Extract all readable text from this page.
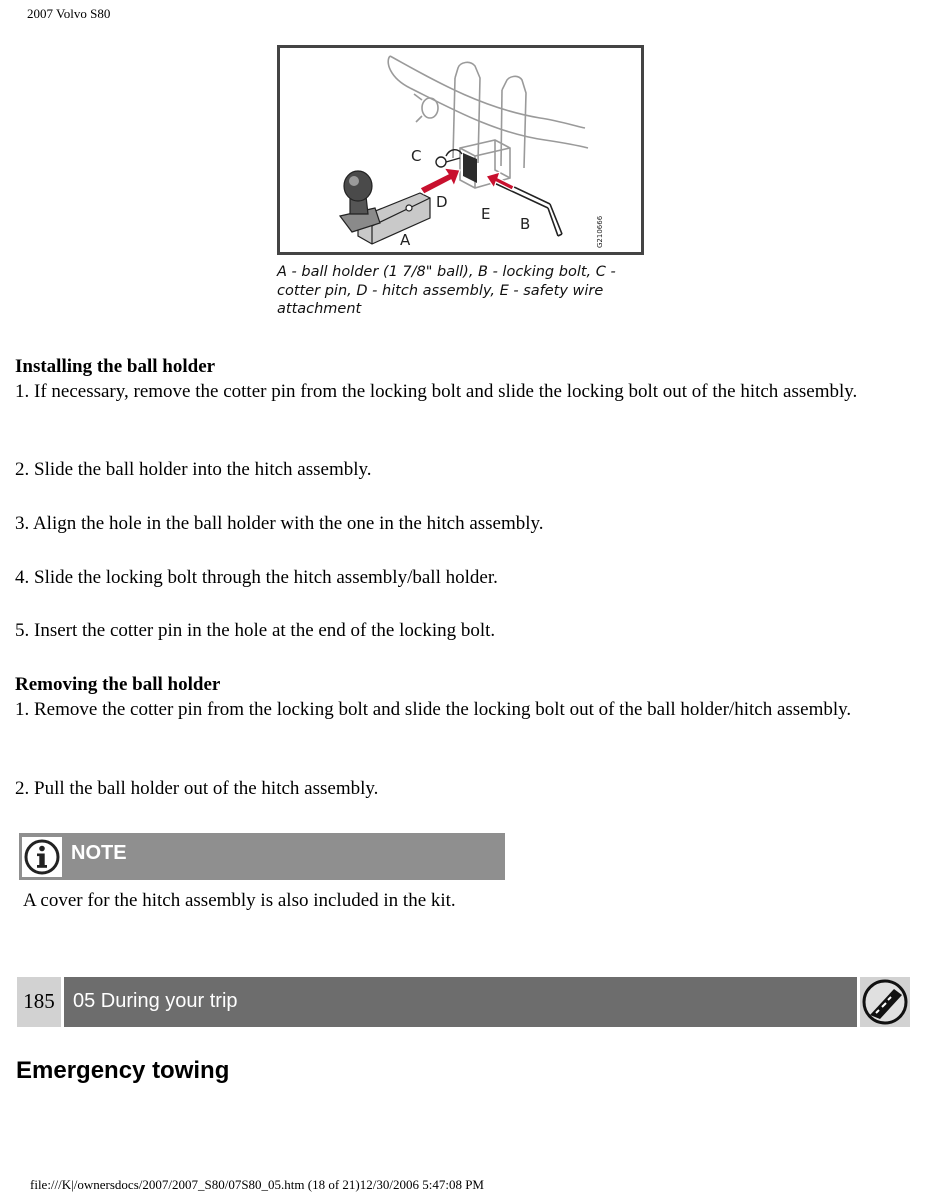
2007 Volvo S80
C
D
E
B
A	G210666
A - ball holder (1 7/8" ball), B - locking bolt, C - cotter pin, D - hitch assembly, E - safety wire attachment
Installing the ball holder
1. If necessary, remove the cotter pin from the locking bolt and slide the locking bolt out of the hitch assembly.
2. Slide the ball holder into the hitch assembly.
3. Align the hole in the ball holder with the one in the hitch assembly.
4. Slide the locking bolt through the hitch assembly/ball holder.
5. Insert the cotter pin in the hole at the end of the locking bolt.
Removing the ball holder
1. Remove the cotter pin from the locking bolt and slide the locking bolt out of the ball holder/hitch assembly.
2. Pull the ball holder out of the hitch assembly.
NOTE
A cover for the hitch assembly is also included in the kit.
185 05 During your trip
Emergency towing
file:///K|/ownersdocs/2007/2007_S80/07S80_05.htm (18 of 21)12/30/2006 5:47:08 PM
